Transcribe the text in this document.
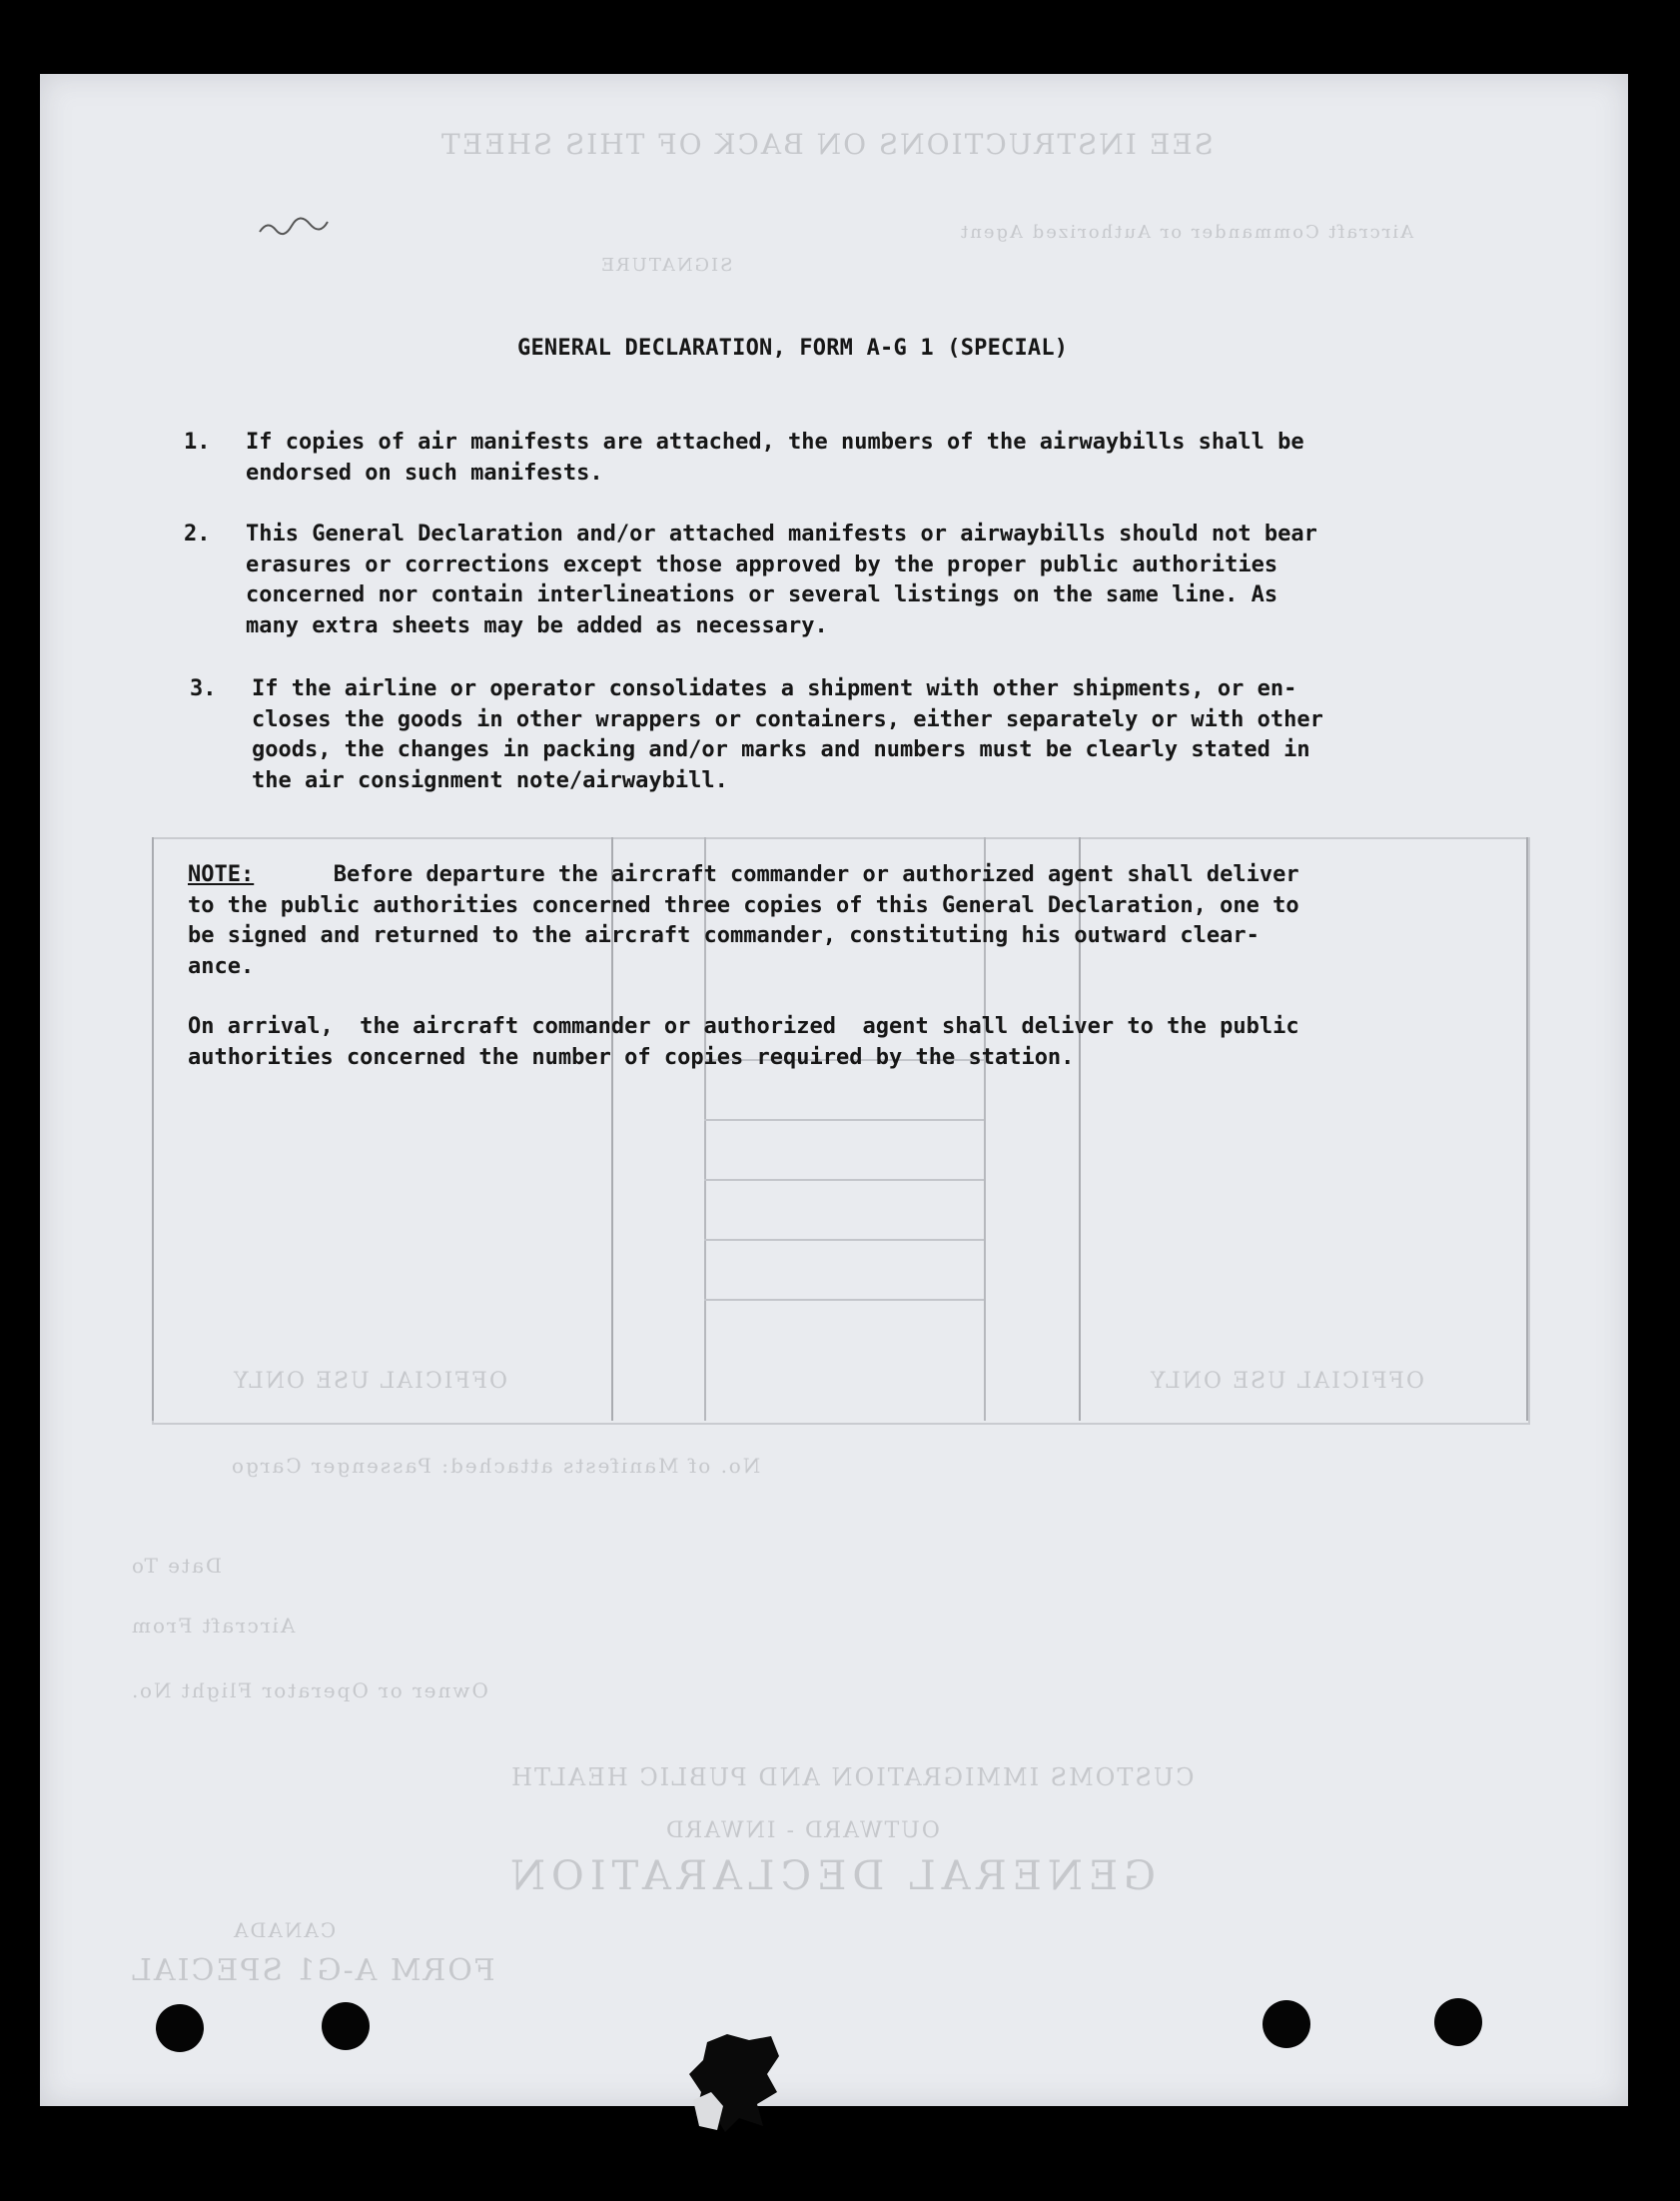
SEE INSTRUCTIONS ON BACK OF THIS SHEET
GENERAL DECLARATION
CUSTOMS IMMIGRATION AND PUBLIC HEALTH
OUTWARD - INWARD
FORM A-G1 SPECIAL
CANADA
OFFICIAL USE ONLY	OFFICIAL USE ONLY
No. of Manifests attached: Passenger Cargo
Date To
Aircraft From
Owner or Operator Flight No.
SIGNATURE
Aircraft Commander or Authorized Agent
GENERAL DECLARATION, FORM A-G 1 (SPECIAL)
1. If copies of air manifests are attached, the numbers of the airwaybills shall be
endorsed on such manifests.
2. This General Declaration and/or attached manifests or airwaybills should not bear
erasures or corrections except those approved by the proper public authorities
concerned nor contain interlineations or several listings on the same line. As
many extra sheets may be added as necessary.
3. If the airline or operator consolidates a shipment with other shipments, or en-
closes the goods in other wrappers or containers, either separately or with other
goods, the changes in packing and/or marks and numbers must be clearly stated in
the air consignment note/airwaybill.
NOTE:      Before departure the aircraft commander or authorized agent shall deliver
to the public authorities concerned three copies of this General Declaration, one to
be signed and returned to the aircraft commander, constituting his outward clear-
ance.
On arrival,  the aircraft commander or authorized  agent shall deliver to the public
authorities concerned the number of copies required by the station.
